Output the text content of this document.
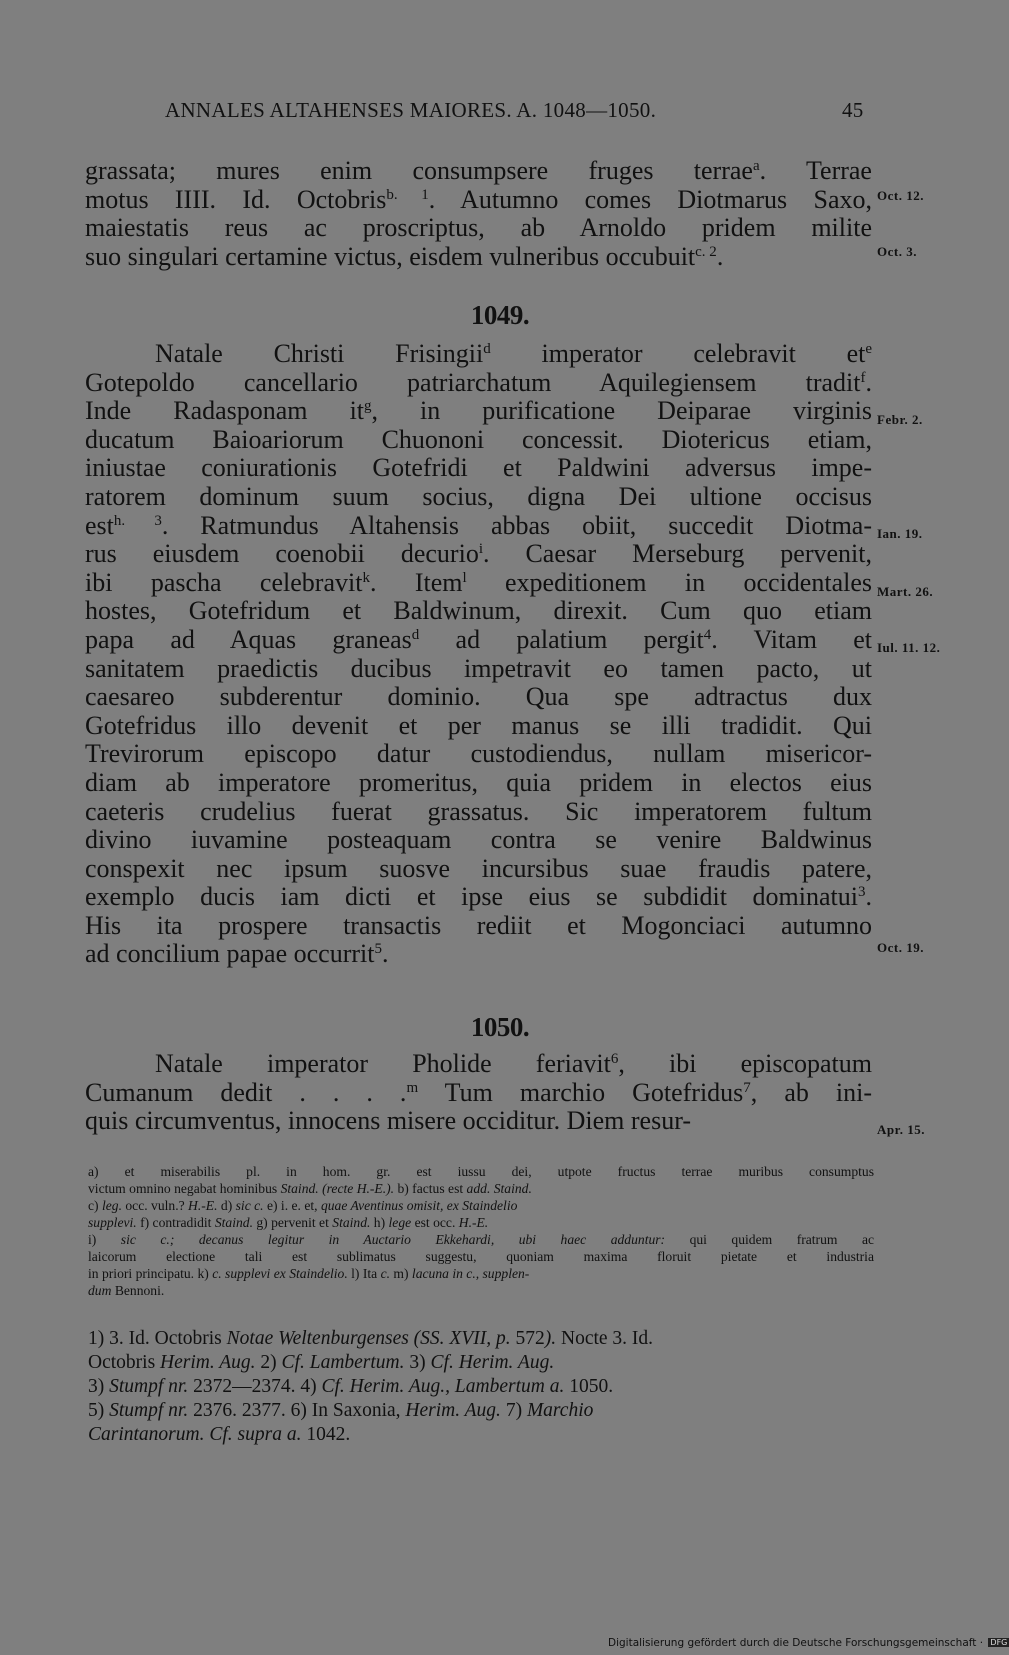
ANNALES ALTAHENSES MAIORES. A. 1048—1050.	45
grassata; mures enim consumpsere fruges terrae$^a$. Terrae
motus IIII. Id. Octobris$^{b. 1}$. Autumno comes Diotmarus Saxo,
maiestatis reus ac proscriptus, ab Arnoldo pridem milite
suo singulari certamine victus, eisdem vulneribus occubuit$^{c. 2}$.
Oct. 12.
Oct. 3.
1049.
Natale Christi Frisingii$^d$ imperator celebravit $et^e$
Gotepoldo cancellario patriarchatum Aquilegiensem tradit$^f$.
Inde Radasponam $it^g$, in purificatione Deiparae virginis
ducatum Baioariorum Chuononi concessit. Diotericus etiam,
iniustae coniurationis Gotefridi et Paldwini adversus impe-
ratorem dominum suum socius, digna Dei ultione occisus
est$^{h. 3}$. Ratmundus Altahensis abbas obiit, succedit Diotma-
rus eiusdem coenobii decurio$^i$. Caesar Merseburg pervenit,
ibi pascha celebravit$^k$. Item$^l$ expeditionem in occidentales
hostes, Gotefridum et Baldwinum, direxit. Cum quo etiam
papa ad Aquas graneas$^d$ ad palatium pergit$^4$. Vitam et
sanitatem praedictis ducibus impetravit eo tamen pacto, ut
caesareo subderentur dominio. Qua spe adtractus dux
Gotefridus illo devenit et per manus se illi tradidit. Qui
Trevirorum episcopo datur custodiendus, nullam misericor-
diam ab imperatore promeritus, quia pridem in electos eius
caeteris crudelius fuerat grassatus. Sic imperatorem fultum
divino iuvamine posteaquam contra se venire Baldwinus
conspexit nec ipsum suosve incursibus suae fraudis patere,
exemplo ducis iam dicti et ipse eius se subdidit dominatui$^3$.
His ita prospere transactis rediit et Mogonciaci autumno
ad concilium papae occurrit$^5$.
Febr. 2.
Ian. 19.
Mart. 26.
Iul. 11. 12.
Oct. 19.
1050.
Natale imperator Pholide feriavit$^6$, ibi episcopatum
Cumanum dedit . . . .$^m$ Tum marchio Gotefridus$^7$, ab ini-
quis circumventus, innocens misere occiditur. Diem resur-	Apr. 15.
a) et miserabilis pl. in hom. gr. est iussu dei, utpote fructus terrae muribus consumptus
victum omnino negabat hominibus Staind. (recte H.-E.). b) factus est add. Staind.
c) leg. occ. vuln.? H.-E. d) sic c. e) i. e. et, quae Aventinus omisit, ex Staindelio
supplevi. f) contradidit Staind. g) pervenit et Staind. h) lege est occ. H.-E.
i) sic c.; decanus legitur in Auctario Ekkehardi, ubi haec adduntur: qui quidem fratrum ac
laicorum electione tali est sublimatus suggestu, quoniam maxima floruit pietate et industria
in priori principatu. k) c. supplevi ex Staindelio. l) Ita c. m) lacuna in c., supplen-
dum Bennoni.
1) 3. Id. Octobris Notae Weltenburgenses (SS. XVII, p. 572). Nocte 3. Id.
Octobris Herim. Aug. 2) Cf. Lambertum. 3) Cf. Herim. Aug.
3) Stumpf nr. 2372—2374. 4) Cf. Herim. Aug., Lambertum a. 1050.
5) Stumpf nr. 2376. 2377. 6) In Saxonia, Herim. Aug. 7) Marchio
Carintanorum. Cf. supra a. 1042.
Digitalisierung gefördert durch die Deutsche Forschungsgemeinschaft · DFG
